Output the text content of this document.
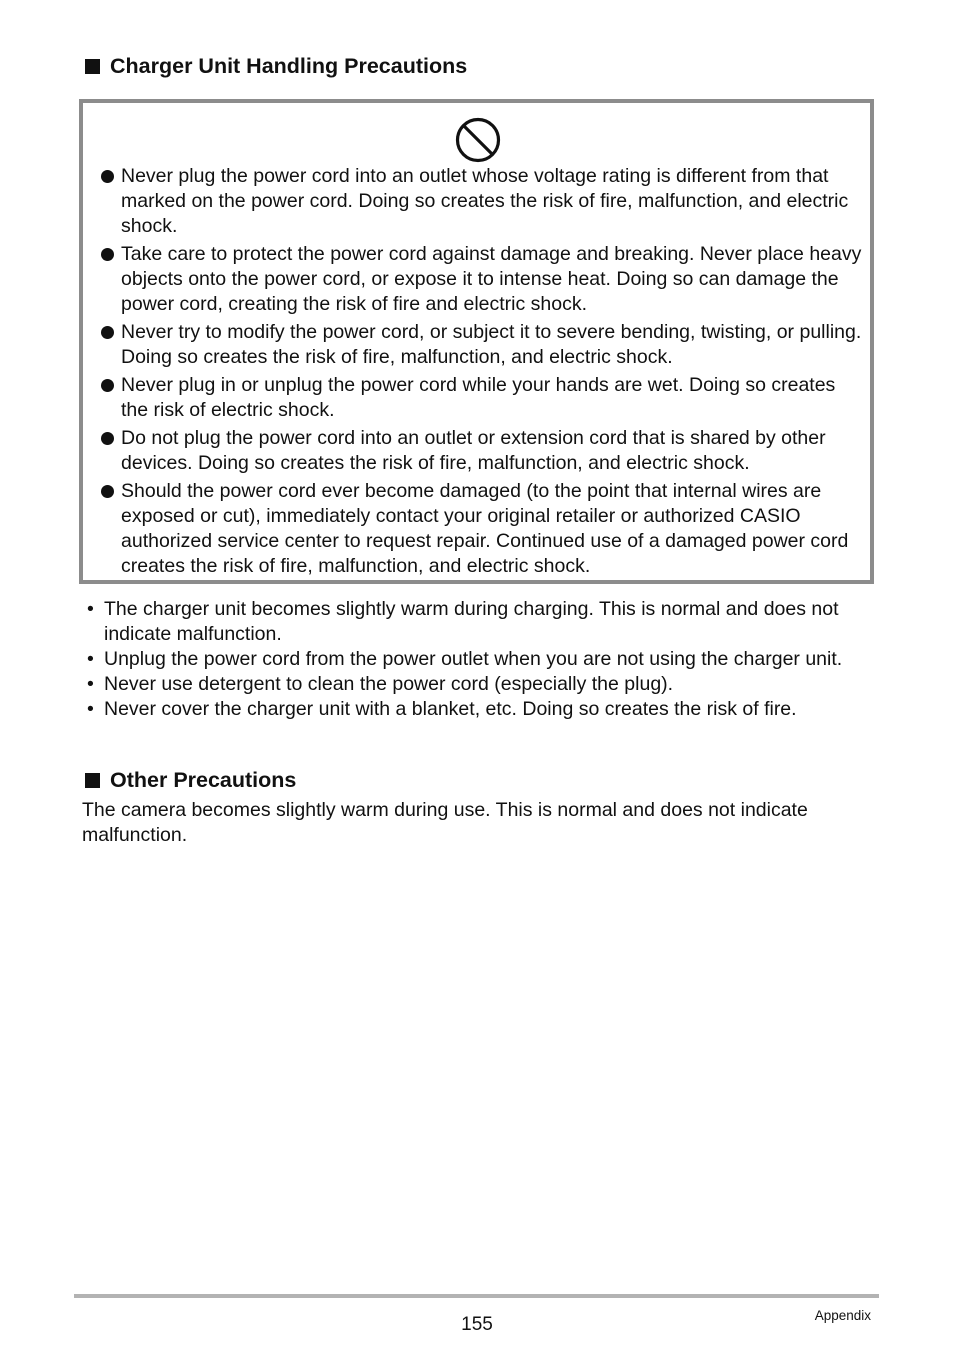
Charger Unit Handling Precautions
Never plug the power cord into an outlet whose voltage rating is different from that marked on the power cord. Doing so creates the risk of fire, malfunction, and electric shock.
Take care to protect the power cord against damage and breaking. Never place heavy objects onto the power cord, or expose it to intense heat. Doing so can damage the power cord, creating the risk of fire and electric shock.
Never try to modify the power cord, or subject it to severe bending, twisting, or pulling. Doing so creates the risk of fire, malfunction, and electric shock.
Never plug in or unplug the power cord while your hands are wet. Doing so creates the risk of electric shock.
Do not plug the power cord into an outlet or extension cord that is shared by other devices. Doing so creates the risk of fire, malfunction, and electric shock.
Should the power cord ever become damaged (to the point that internal wires are exposed or cut), immediately contact your original retailer or authorized CASIO authorized service center to request repair. Continued use of a damaged power cord creates the risk of fire, malfunction, and electric shock.
• The charger unit becomes slightly warm during charging. This is normal and does not indicate malfunction.
• Unplug the power cord from the power outlet when you are not using the charger unit.
• Never use detergent to clean the power cord (especially the plug).
• Never cover the charger unit with a blanket, etc. Doing so creates the risk of fire.
Other Precautions

The camera becomes slightly warm during use. This is normal and does not indicate malfunction.

155	Appendix
